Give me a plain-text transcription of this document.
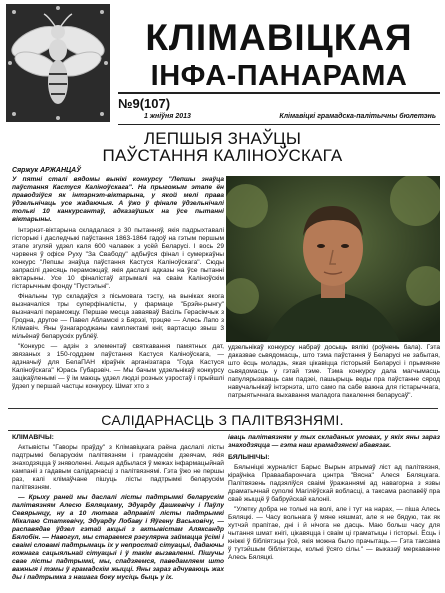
КЛІМАВІЦКАЯ
ІНФА-ПАНАРАМА
№9(107)
1 жніўня 2013	Клімавіцкі грамадска-палітычны бюлетэнь
ЛЕПШЫЯ ЗНАЎЦЫ
ПАЎСТАННЯ КАЛІНОЎСКАГА
Сяржук АРЖАНЦАЎ

У пятні сталі вядомы вынікі конкурсу "Лепшы знаўца паўстання Кастуся Каліноўскага". На прыгожым этапе ён праводзіўся як інтэрнэт-віктарына, у якой мелі права ўдзельнічаць усе жадаючыя. А ўжо ў фінале ўдзельнічалі толькі 10 канкурсантаў, адказаўшых на ўсе пытанні віктарыны.

Інтэрнэт-віктарына складалася з 30 пытанняў, якія падрыхтавалі гісторыкі і даследчыкі паўстання 1863-1864 гадоў на гэтым першым этапе згуляй удзел каля 600 чалавек з усёй Беларусі. І вось 29 чэрвеня ў офісе Руху "За Свабоду" адбыўся фінал і сумеркаўны конкурс "Лепшы знаўца паўстання Кастуся Каліноўскага". Сюды запрасілі дзесяць пераможцаў, якія даслалі адказы на ўсе пытанні віктарыны. Усе 10 фіналістаў атрымалі на сваім Каліноўскім гістарычным фонду "Пустэльні".

Фінальны тур складаўся з пісьмовага тэсту, на выніках якога вызначаліся тры суперфіналісты, у фармаце "Брэйн-рынгу" вызначалі пераможцу. Першае месца заваяваў Васіль Герасімчык з Гродна, другое — Павел Абламскі з Бярэзі, трэцяе — Алесь Лапо з Клімавіч. Яны ўзнагароджаны камплектамі кніг, вартасцю звыш 3 мільёнаў беларускіх рублёў.

"Конкурс — адзін з элементаў святкавання памятных дат, звязаных з 150-годдзем паўстання Кастуся Каліноўскага, — адзначыў для БелаПАН кіраўнік арганізатара "Года Кастуся Каліноўскага" Юрась Губарэвіч. — Мы бачым удзельнікаў конкурсу зацікаўленымі — ў ім маюць удзел людзі розных узростаў і прыйшлі ўдзел у першай частцы конкурсу. Шмат хто з

удзельнікаў конкурсу набраў досыць вялікі (роўнень бала). Гэта даказвае сьвядомасць, што тэма паўстання ў Беларусі не забытая, што ёсць моладзь, якая цікавіцца гісторыяй Беларусі і прымяняе сьвядомасць у гэтай тэме. Тэма конкурсу дала магчымасць папулярызаваць сам падзеі, пашырыць веды пра паўстанне сярод навучальнікаў інтэрнэта, што само па сабе важна для гістарычнага, патрыятычнага выхавання маладога пакалення беларусаў".

САЛІДАРНАСЦЬ З ПАЛІТВЯЗНЯМІ.
КЛІМАВІЧЫ:

Актывісты "Гаворы праўду" з Клімавіцкага раёна даслалі лісты падтрымкі беларускім палітвязням і грамадскім дзеячам, якія знаходзяцца ў зняволенні. Акцыя адбылася ў межах інфармацыйнай кампаніі з гадавым салідарнасці з палітвязнямі. Гэта ўжо не першы раз, калі клімаўчане пішуць лісты падтрымкі беларускім палітвязням.

— Крыху раней мы даслалі лісты падтрымкі беларускім палітвязням Алесю Бяляцкаму, Эдуарду Дашкевічу і Паўлу Севярынцу, ну а 10 лютага адправілі лісты падтрымкі Мікалаю Статкевічу, Эдуарду Лобаву і Яўгену Васьковічу, — распавядае ўдзел гэтай акцыі з актывістам Аляксандр Бялобін. — Навогул, мы стараемся рэгулярна займацца ўсімі і сваімі словамі падтрымаць іх у непростай сітуацыі, дадаючы кожнага сацыяльнай сітуацыі і ў такім вызваленні. Пішучы свае лісты падтрымкі, мы, спадзяемся, паведамляем што важныя і тэмы ў грамадскім жыцці. Яны зараз адчуваюць жах ды і падтрымка з нашага боку мусіць быць у іх.

іваць палітвязням у тых складаных умовах, у якіх яны зараз знаходзяцца — гэта наш грамадзянскі абавязак.

БЯЛЫНІЧЫ:

Бялыніцкі журналіст Барыс Вырын атрымаў ліст ад палітвязня, кіраўніка Праваабарончага цэнтра "Вясна" Алеся Бяляцкага. Палітвязень падзяліўся сваімі ўражаннямі ад навагорна з язвы драматычнай суполкі Магілёўскай вобласці, а таксама распавёў пра сваё жыццё ў бабруйскай калоніі.

"Улетку добра не толькі на волі, але і тут на нарах, — піша Алесь Бяляцкі. — Часу вольнага ў мяне няшмат, але я не бядую, так як хутчэй прапітае, дні і й нічога не дасць. Маю больш часу для чытання шмат кнігі, цікавяцца і сваім ці граматыцы і гісторыі. Ёсць і кніжкі ў бібліятэцы ўсё, якія можна было прачытаць.— Гэта таксама ў тутэйшым бібліятэцы, колькі ўсяго сілы." — выказаў меркаванне Алесь Бяляцкі.
